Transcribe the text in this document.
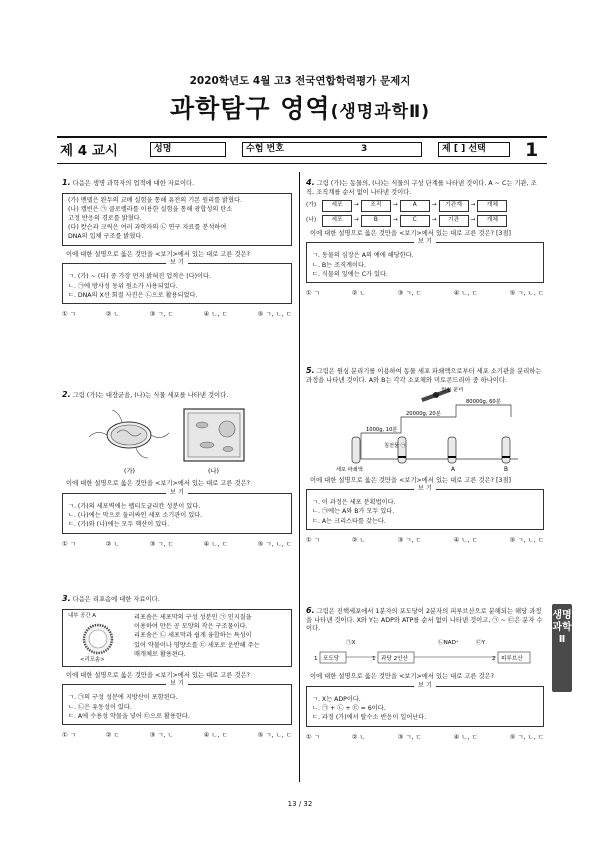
2020학년도 4월 고3 전국연합학력평가 문제지
과학탐구 영역(생명과학Ⅱ)
제 4 교시	성명	수험 번호	3	제 [ ] 선택	1
1. 다음은 생명 과학자의 업적에 대한 자료이다.
(가) 멘델은 완두의 교배 실험을 통해 유전의 기본 원리를 밝혔다.
(나) 캘빈은 ㉠ 클로렐라를 이용한 실험을 통해 광합성의 탄소
고정 반응의 경로를 밝혔다.
(다) 왓슨과 크릭은 여러 과학자의 ㉡ 연구 자료를 분석하여
DNA의 입체 구조를 밝혔다.
이에 대한 설명으로 옳은 것만을 <보기>에서 있는 대로 고른 것은?
보 기
ㄱ. (가) ~ (다) 중 가장 먼저 밝혀진 업적은 (다)이다.
ㄴ. ㉠에 방사성 동위 원소가 사용되었다.
ㄷ. DNA의 X선 회절 사진은 ㉡으로 활용되었다.
① ㄱ	② ㄴ	③ ㄱ, ㄷ	④ ㄴ, ㄷ	⑤ ㄱ, ㄴ, ㄷ
2. 그림 (가)는 대장균을, (나)는 식물 세포를 나타낸 것이다.
(가)	(나)
이에 대한 설명으로 옳은 것만을 <보기>에서 있는 대로 고른 것은?
보 기
ㄱ. (가)의 세포벽에는 펩티도글리칸 성분이 있다.
ㄴ. (나)에는 막으로 둘러싸인 세포 소기관이 있다.
ㄷ. (가)와 (나)에는 모두 핵산이 있다.
① ㄱ	② ㄴ	③ ㄱ, ㄷ	④ ㄴ, ㄷ	⑤ ㄱ, ㄴ, ㄷ
3. 다음은 리포솜에 대한 자료이다.
내부 공간 A
<리포솜>
리포솜은 세포막의 구성 성분인 ㉠ 인지질을
이용하여 만든 공 모양의 작은 구조물이다.
리포솜은 ㉡ 세포막과 쉽게 융합하는 특성이
있어 약물이나 영양소를 ㉢ 세포로 운반해 주는
매개체로 활용된다.
이에 대한 설명으로 옳은 것만을 <보기>에서 있는 대로 고른 것은?
보 기
ㄱ. ㉠의 구성 성분에 지방산이 포함된다.
ㄴ. ㉡은 유동성이 있다.
ㄷ. A에 수용성 약물을 넣어 ㉢으로 활용한다.
① ㄱ	② ㄷ	③ ㄱ, ㄴ	④ ㄴ, ㄷ	⑤ ㄱ, ㄴ, ㄷ
4. 그림 (가)는 동물의, (나)는 식물의 구성 단계를 나타낸 것이다. A ~ C는 기관, 조직, 조직계를 순서 없이 나타낸 것이다.
(가)
	세포	→	조직	→	A	→	기관계	→	개체
(나)
	세포	→	B	→	C	→	기관	→	개체
이에 대한 설명으로 옳은 것만을 <보기>에서 있는 대로 고른 것은? [3점]
보 기
ㄱ. 동물의 심장은 A의 예에 해당한다.
ㄴ. B는 조직계이다.
ㄷ. 식물의 잎에는 C가 있다.
① ㄱ	② ㄴ	③ ㄱ, ㄷ	④ ㄴ, ㄷ	⑤ ㄱ, ㄴ, ㄷ
5. 그림은 원심 분리기를 이용하여 동물 세포 파쇄액으로부터 세포 소기관을 분리하는 과정을 나타낸 것이다. A와 B는 각각 소포체와 미토콘드리아 중 하나이다.
원심 분리
1000g, 10분
20000g, 20분
80000g, 60분
세포 파쇄액
침전물 ㉠
A	B
이에 대한 설명으로 옳은 것만을 <보기>에서 있는 대로 고른 것은? [3점]
보 기
ㄱ. 이 과정은 세포 분획법이다.
ㄴ. ㉠에는 A와 B가 모두 있다.
ㄷ. A는 크리스타를 갖는다.
① ㄱ	② ㄴ	③ ㄱ, ㄷ	④ ㄴ, ㄷ	⑤ ㄱ, ㄴ, ㄷ
6. 그림은 진핵세포에서 1분자의 포도당이 2분자의 피루브산으로 분해되는 해당 과정을 나타낸 것이다. X와 Y는 ADP와 ATP를 순서 없이 나타낸 것이고, ㉠ ~ ㉢은 분자 수이다.
㉠X	㉡NAD⁺	㉢Y
1 포도당	1 과당 2인산	2 피루브산
이에 대한 설명으로 옳은 것만을 <보기>에서 있는 대로 고른 것은?
보 기
ㄱ. X는 ADP이다.
ㄴ. ㉠ + ㉡ + ㉢ = 6이다.
ㄷ. 과정 (가)에서 탈수소 반응이 일어난다.
① ㄱ	② ㄴ	③ ㄱ, ㄷ	④ ㄴ, ㄷ	⑤ ㄱ, ㄴ, ㄷ
생명과학Ⅱ
13 / 32
